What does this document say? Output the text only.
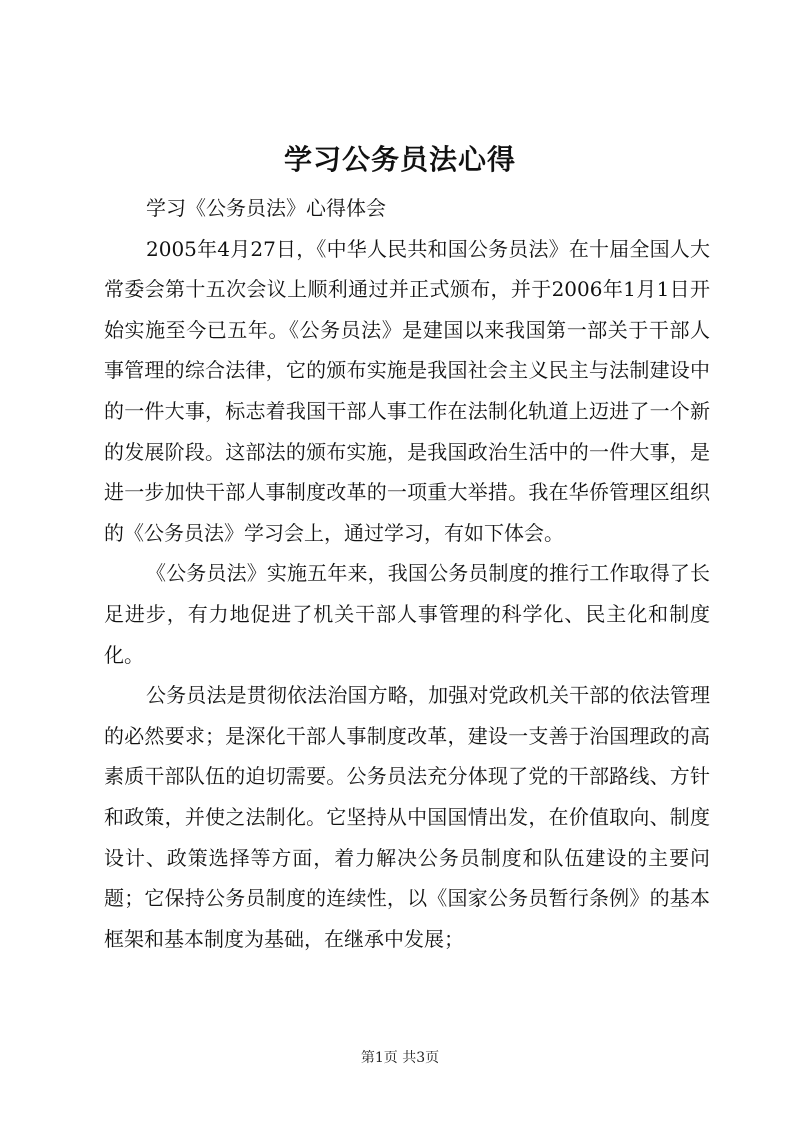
学习公务员法心得

学习《公务员法》心得体会

2005年4月27日，《中华人民共和国公务员法》在十届全国人大常委会第十五次会议上顺利通过并正式颁布，并于2006年1月1日开始实施至今已五年。《公务员法》是建国以来我国第一部关于干部人事管理的综合法律，它的颁布实施是我国社会主义民主与法制建设中的一件大事，标志着我国干部人事工作在法制化轨道上迈进了一个新的发展阶段。这部法的颁布实施，是我国政治生活中的一件大事，是进一步加快干部人事制度改革的一项重大举措。我在华侨管理区组织的《公务员法》学习会上，通过学习，有如下体会。

《公务员法》实施五年来，我国公务员制度的推行工作取得了长足进步，有力地促进了机关干部人事管理的科学化、民主化和制度化。

公务员法是贯彻依法治国方略，加强对党政机关干部的依法管理的必然要求；是深化干部人事制度改革，建设一支善于治国理政的高素质干部队伍的迫切需要。公务员法充分体现了党的干部路线、方针和政策，并使之法制化。它坚持从中国国情出发，在价值取向、制度设计、政策选择等方面，着力解决公务员制度和队伍建设的主要问题；它保持公务员制度的连续性，以《国家公务员暂行条例》的基本框架和基本制度为基础，在继承中发展；

第1页 共3页
